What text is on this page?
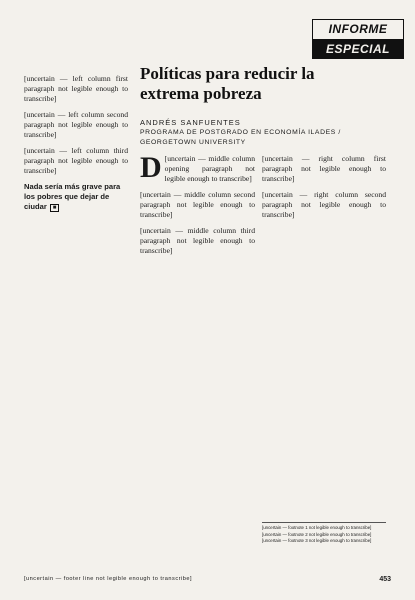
INFORME
ESPECIAL

[uncertain — left column first paragraph not legible enough to transcribe]

[uncertain — left column second paragraph not legible enough to transcribe]

[uncertain — left column third paragraph not legible enough to transcribe]

Nada sería más grave para los pobres que dejar de ciudar ■

Políticas para reducir la extrema pobreza

ANDRÉS SANFUENTES

PROGRAMA DE POSTGRADO EN ECONOMÍA ILADES / GEORGETOWN UNIVERSITY

D [uncertain — middle column opening paragraph not legible enough to transcribe]

[uncertain — middle column second paragraph not legible enough to transcribe]

[uncertain — middle column third paragraph not legible enough to transcribe]

[uncertain — right column first paragraph not legible enough to transcribe]

[uncertain — right column second paragraph not legible enough to transcribe]

[uncertain — footnote 1 not legible enough to transcribe]

[uncertain — footnote 2 not legible enough to transcribe]

[uncertain — footnote 3 not legible enough to transcribe]

[uncertain — footer line not legible enough to transcribe]	453
